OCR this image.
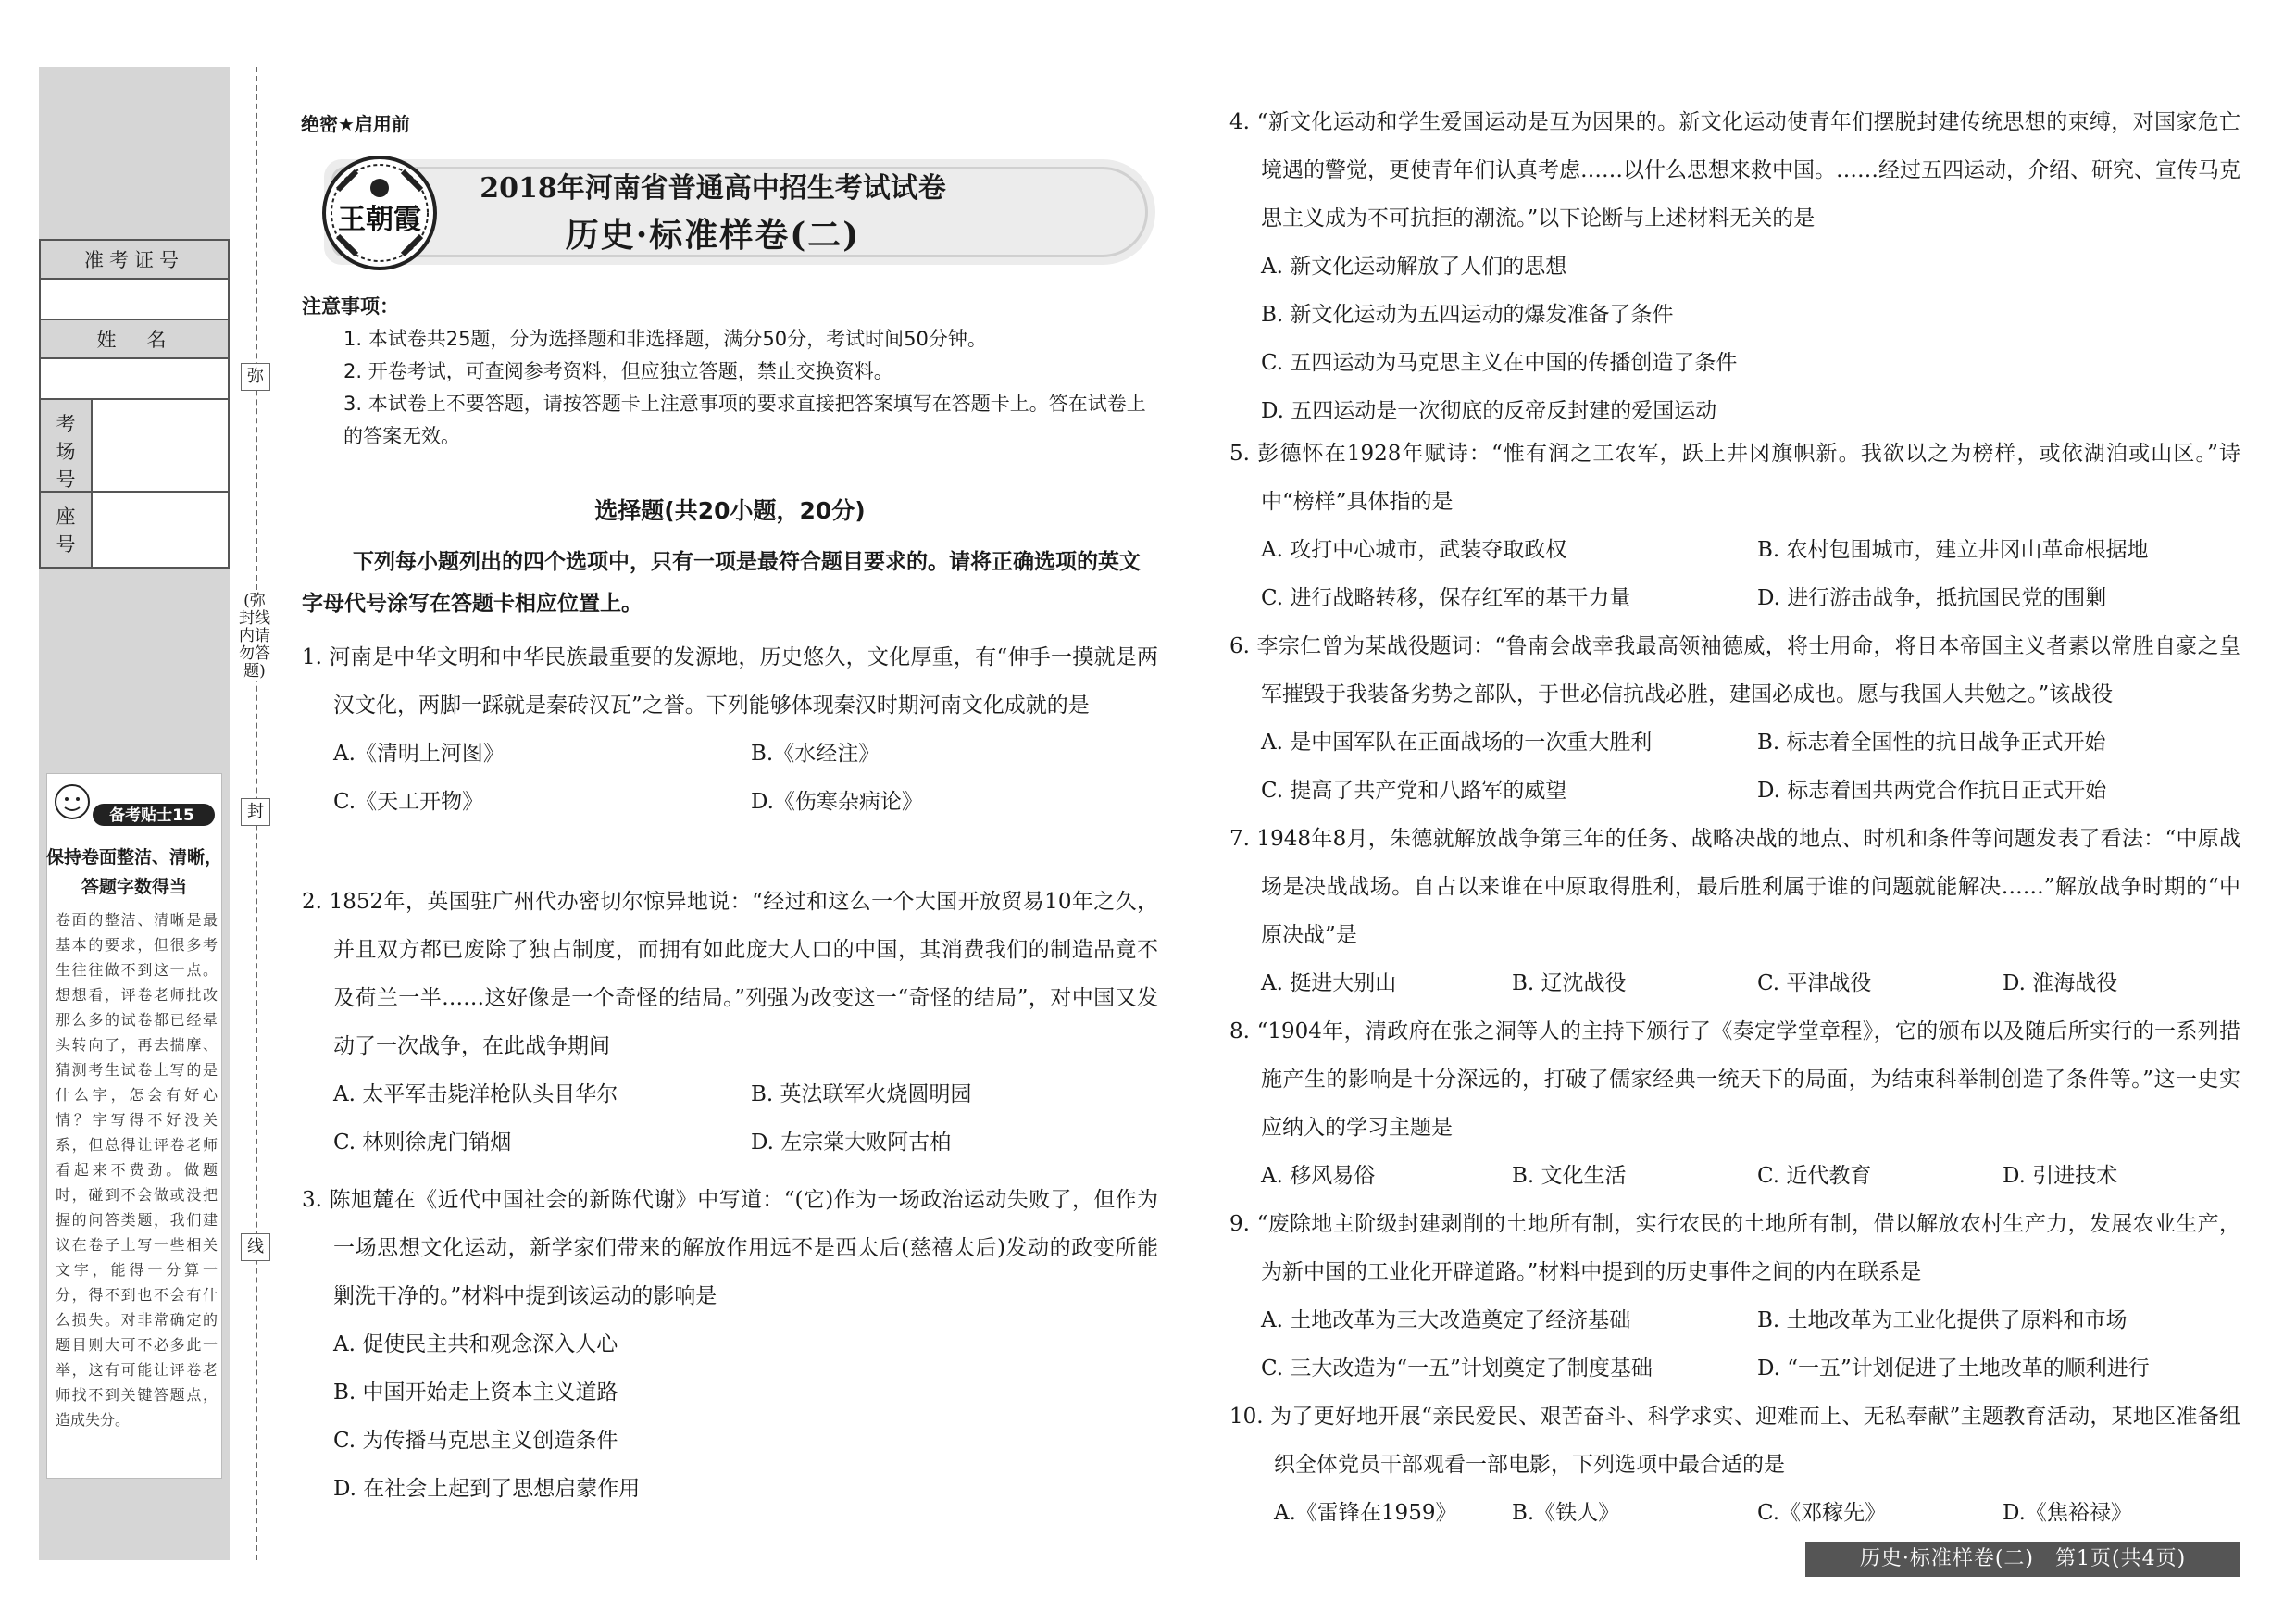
准考证号
姓　名
考
场
号
座
号
备考贴士15
保持卷面整洁、清晰，答题字数得当
卷面的整洁、清晰是最基本的要求，但很多考生往往做不到这一点。想想看，评卷老师批改那么多的试卷都已经晕头转向了，再去揣摩、猜测考生试卷上写的是什么字，怎会有好心情？字写得不好没关系，但总得让评卷老师看起来不费劲。做题时，碰到不会做或没把握的问答类题，我们建议在卷子上写一些相关文字，能得一分算一分，得不到也不会有什么损失。对非常确定的题目则大可不必多此一举，这有可能让评卷老师找不到关键答题点，造成失分。
弥
(弥封线内请勿答题)
封
线
绝密★启用前
王朝霞
2018年河南省普通高中招生考试试卷
历史·标准样卷(二)
注意事项：
1. 本试卷共25题，分为选择题和非选择题，满分50分，考试时间50分钟。
2. 开卷考试，可查阅参考资料，但应独立答题，禁止交换资料。
3. 本试卷上不要答题，请按答题卡上注意事项的要求直接把答案填写在答题卡上。答在试卷上的答案无效。
选择题(共20小题，20分)
下列每小题列出的四个选项中，只有一项是最符合题目要求的。请将正确选项的英文字母代号涂写在答题卡相应位置上。
1. 河南是中华文明和中华民族最重要的发源地，历史悠久，文化厚重，有“伸手一摸就是两汉文化，两脚一踩就是秦砖汉瓦”之誉。下列能够体现秦汉时期河南文化成就的是
A.《清明上河图》	B.《水经注》
C.《天工开物》	D.《伤寒杂病论》
2. 1852年，英国驻广州代办密切尔惊异地说：“经过和这么一个大国开放贸易10年之久，并且双方都已废除了独占制度，而拥有如此庞大人口的中国，其消费我们的制造品竟不及荷兰一半……这好像是一个奇怪的结局。”列强为改变这一“奇怪的结局”，对中国又发动了一次战争，在此战争期间
A. 太平军击毙洋枪队头目华尔	B. 英法联军火烧圆明园
C. 林则徐虎门销烟	D. 左宗棠大败阿古柏
3. 陈旭麓在《近代中国社会的新陈代谢》中写道：“(它)作为一场政治运动失败了，但作为一场思想文化运动，新学家们带来的解放作用远不是西太后(慈禧太后)发动的政变所能剿洗干净的。”材料中提到该运动的影响是
A. 促使民主共和观念深入人心
B. 中国开始走上资本主义道路
C. 为传播马克思主义创造条件
D. 在社会上起到了思想启蒙作用
4. “新文化运动和学生爱国运动是互为因果的。新文化运动使青年们摆脱封建传统思想的束缚，对国家危亡境遇的警觉，更使青年们认真考虑……以什么思想来救中国。……经过五四运动，介绍、研究、宣传马克思主义成为不可抗拒的潮流。”以下论断与上述材料无关的是
A. 新文化运动解放了人们的思想
B. 新文化运动为五四运动的爆发准备了条件
C. 五四运动为马克思主义在中国的传播创造了条件
D. 五四运动是一次彻底的反帝反封建的爱国运动
5. 彭德怀在1928年赋诗：“惟有润之工农军，跃上井冈旗帜新。我欲以之为榜样，或依湖泊或山区。”诗中“榜样”具体指的是
A. 攻打中心城市，武装夺取政权	B. 农村包围城市，建立井冈山革命根据地
C. 进行战略转移，保存红军的基干力量	D. 进行游击战争，抵抗国民党的围剿
6. 李宗仁曾为某战役题词：“鲁南会战幸我最高领袖德威，将士用命，将日本帝国主义者素以常胜自豪之皇军摧毁于我装备劣势之部队，于世必信抗战必胜，建国必成也。愿与我国人共勉之。”该战役
A. 是中国军队在正面战场的一次重大胜利	B. 标志着全国性的抗日战争正式开始
C. 提高了共产党和八路军的威望	D. 标志着国共两党合作抗日正式开始
7. 1948年8月，朱德就解放战争第三年的任务、战略决战的地点、时机和条件等问题发表了看法：“中原战场是决战战场。自古以来谁在中原取得胜利，最后胜利属于谁的问题就能解决……”解放战争时期的“中原决战”是
A. 挺进大别山	B. 辽沈战役	C. 平津战役	D. 淮海战役
8. “1904年，清政府在张之洞等人的主持下颁行了《奏定学堂章程》，它的颁布以及随后所实行的一系列措施产生的影响是十分深远的，打破了儒家经典一统天下的局面，为结束科举制创造了条件等。”这一史实应纳入的学习主题是
A. 移风易俗	B. 文化生活	C. 近代教育	D. 引进技术
9. “废除地主阶级封建剥削的土地所有制，实行农民的土地所有制，借以解放农村生产力，发展农业生产，为新中国的工业化开辟道路。”材料中提到的历史事件之间的内在联系是
A. 土地改革为三大改造奠定了经济基础	B. 土地改革为工业化提供了原料和市场
C. 三大改造为“一五”计划奠定了制度基础	D. “一五”计划促进了土地改革的顺利进行
10. 为了更好地开展“亲民爱民、艰苦奋斗、科学求实、迎难而上、无私奉献”主题教育活动，某地区准备组织全体党员干部观看一部电影，下列选项中最合适的是
A.《雷锋在1959》	B.《铁人》	C.《邓稼先》	D.《焦裕禄》
历史·标准样卷(二)　第1页(共4页)
